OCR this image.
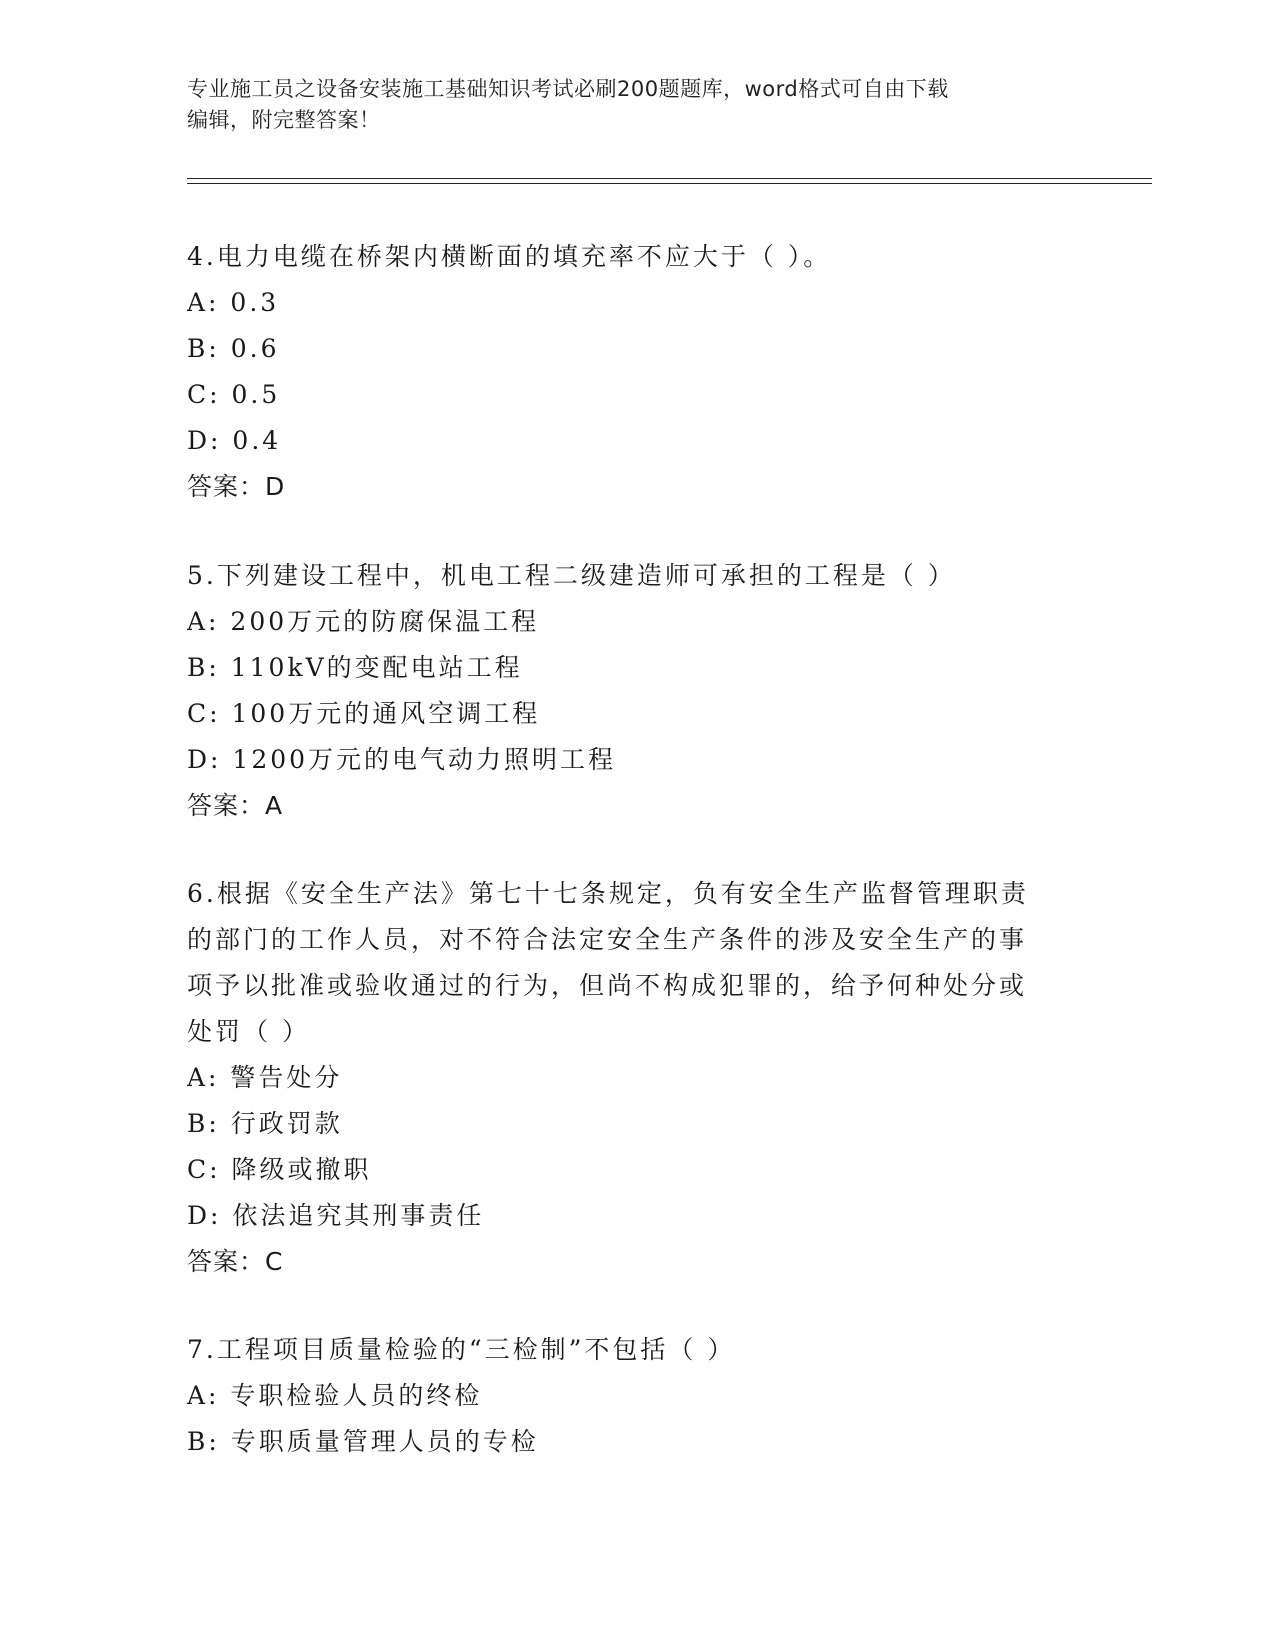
专业施工员之设备安装施工基础知识考试必刷200题题库，word格式可自由下载
编辑，附完整答案！
4.电力电缆在桥架内横断面的填充率不应大于（ ）。
A: 0.3
B: 0.6
C: 0.5
D: 0.4
答案：D
5.下列建设工程中，机电工程二级建造师可承担的工程是（ ）
A: 200万元的防腐保温工程
B: 110kV的变配电站工程
C: 100万元的通风空调工程
D: 1200万元的电气动力照明工程
答案：A
6.根据《安全生产法》第七十七条规定，负有安全生产监督管理职责
的部门的工作人员，对不符合法定安全生产条件的涉及安全生产的事
项予以批准或验收通过的行为，但尚不构成犯罪的，给予何种处分或
处罚（ ）
A: 警告处分
B: 行政罚款
C: 降级或撤职
D: 依法追究其刑事责任
答案：C
7.工程项目质量检验的“三检制”不包括（ ）
A: 专职检验人员的终检
B: 专职质量管理人员的专检
